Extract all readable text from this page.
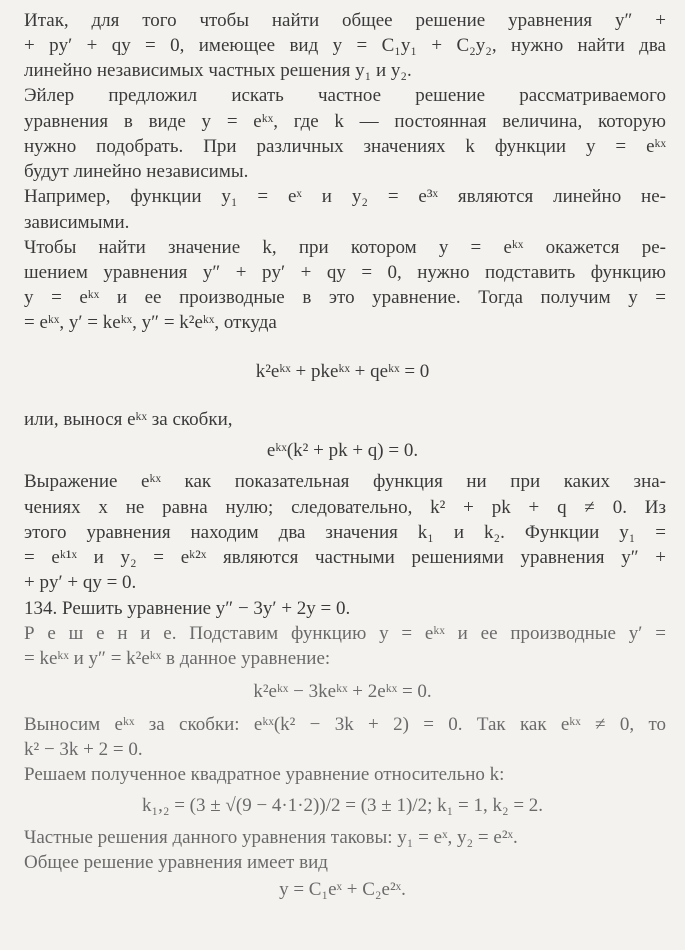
Итак, для того чтобы найти общее решение уравнения y″ +
+ py′ + qy = 0, имеющее вид y = C₁y₁ + C₂y₂, нужно найти два
линейно независимых частных решения y₁ и y₂.
Эйлер предложил искать частное решение рассматриваемого
уравнения в виде y = eᵏˣ, где k — постоянная величина, которую
нужно подобрать. При различных значениях k функции y = eᵏˣ
будут линейно независимы.
Например, функции y₁ = eˣ и y₂ = e³ˣ являются линейно не-
зависимыми.
Чтобы найти значение k, при котором y = eᵏˣ окажется ре-
шением уравнения y″ + py′ + qy = 0, нужно подставить функцию
y = eᵏˣ и ее производные в это уравнение. Тогда получим y =
= eᵏˣ, y′ = keᵏˣ, y″ = k²eᵏˣ, откуда
k²eᵏˣ + pkeᵏˣ + qeᵏˣ = 0
или, вынося eᵏˣ за скобки,
eᵏˣ(k² + pk + q) = 0.
Выражение eᵏˣ как показательная функция ни при каких зна-
чениях x не равна нулю; следовательно, k² + pk + q ≠ 0. Из
этого уравнения находим два значения k₁ и k₂. Функции y₁ =
= eᵏ¹ˣ и y₂ = eᵏ²ˣ являются частными решениями уравнения y″ +
+ py′ + qy = 0.
134. Решить уравнение y″ − 3y′ + 2y = 0.
Р е ш е н и е. Подставим функцию y = eᵏˣ и ее производные y′ =
= keᵏˣ и y″ = k²eᵏˣ в данное уравнение:
k²eᵏˣ − 3keᵏˣ + 2eᵏˣ = 0.
Выносим eᵏˣ за скобки: eᵏˣ(k² − 3k + 2) = 0. Так как eᵏˣ ≠ 0, то
k² − 3k + 2 = 0.
Решаем полученное квадратное уравнение относительно k:
k₁,₂ = (3 ± √(9 − 4·1·2))/2 = (3 ± 1)/2; k₁ = 1, k₂ = 2.
Частные решения данного уравнения таковы: y₁ = eˣ, y₂ = e²ˣ.
Общее решение уравнения имеет вид
y = C₁eˣ + C₂e²ˣ.
